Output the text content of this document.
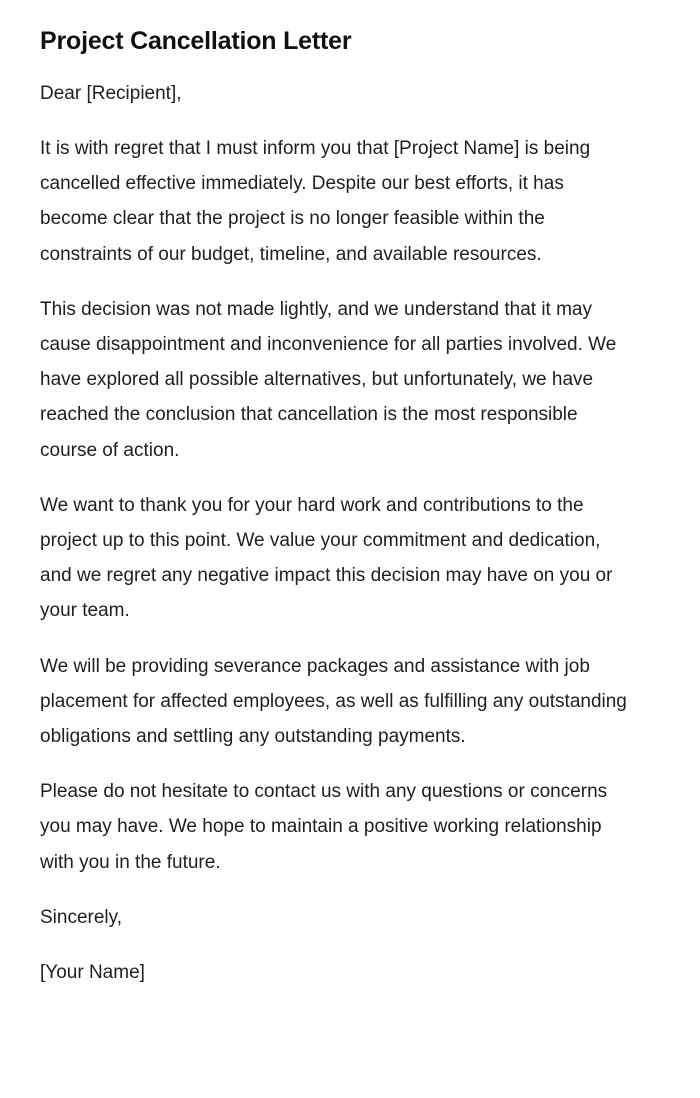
Project Cancellation Letter

Dear [Recipient],

It is with regret that I must inform you that [Project Name] is being cancelled effective immediately. Despite our best efforts, it has become clear that the project is no longer feasible within the constraints of our budget, timeline, and available resources.

This decision was not made lightly, and we understand that it may cause disappointment and inconvenience for all parties involved. We have explored all possible alternatives, but unfortunately, we have reached the conclusion that cancellation is the most responsible course of action.

We want to thank you for your hard work and contributions to the project up to this point. We value your commitment and dedication, and we regret any negative impact this decision may have on you or your team.

We will be providing severance packages and assistance with job placement for affected employees, as well as fulfilling any outstanding obligations and settling any outstanding payments.

Please do not hesitate to contact us with any questions or concerns you may have. We hope to maintain a positive working relationship with you in the future.

Sincerely,

[Your Name]
